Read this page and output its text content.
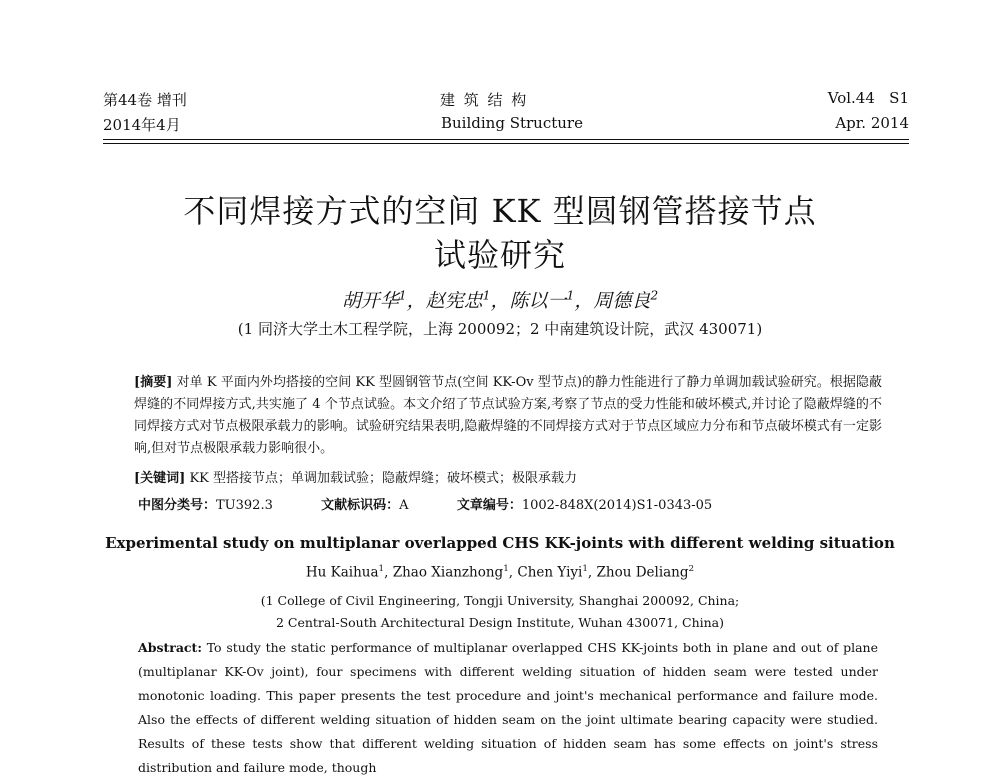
第44卷 增刊
2014年4月
建 筑 结 构
Building Structure
Vol.44   S1
Apr. 2014
不同焊接方式的空间 KK 型圆钢管搭接节点
试验研究
胡开华$^1$，赵宪忠$^1$，陈以一$^1$，周德良$^2$
(1 同济大学土木工程学院，上海 200092；2 中南建筑设计院，武汉 430071)
[摘要] 对单 K 平面内外均搭接的空间 KK 型圆钢管节点(空间 KK-Ov 型节点)的静力性能进行了静力单调加载试验研究。根据隐蔽焊缝的不同焊接方式,共实施了 4 个节点试验。本文介绍了节点试验方案,考察了节点的受力性能和破坏模式,并讨论了隐蔽焊缝的不同焊接方式对节点极限承载力的影响。试验研究结果表明,隐蔽焊缝的不同焊接方式对于节点区域应力分布和节点破坏模式有一定影响,但对节点极限承载力影响很小。
[关键词] KK 型搭接节点；单调加载试验；隐蔽焊缝；破坏模式；极限承载力
中图分类号：TU392.3	文献标识码：A	文章编号：1002-848X(2014)S1-0343-05
Experimental study on multiplanar overlapped CHS KK-joints with different welding situation
Hu Kaihua$^1$, Zhao Xianzhong$^1$, Chen Yiyi$^1$, Zhou Deliang$^2$
(1 College of Civil Engineering, Tongji University, Shanghai 200092, China;
2 Central-South Architectural Design Institute, Wuhan 430071, China)
Abstract: To study the static performance of multiplanar overlapped CHS KK-joints both in plane and out of plane (multiplanar KK-Ov joint), four specimens with different welding situation of hidden seam were tested under monotonic loading. This paper presents the test procedure and joint's mechanical performance and failure mode. Also the effects of different welding situation of hidden seam on the joint ultimate bearing capacity were studied. Results of these tests show that different welding situation of hidden seam has some effects on joint's stress distribution and failure mode, though
